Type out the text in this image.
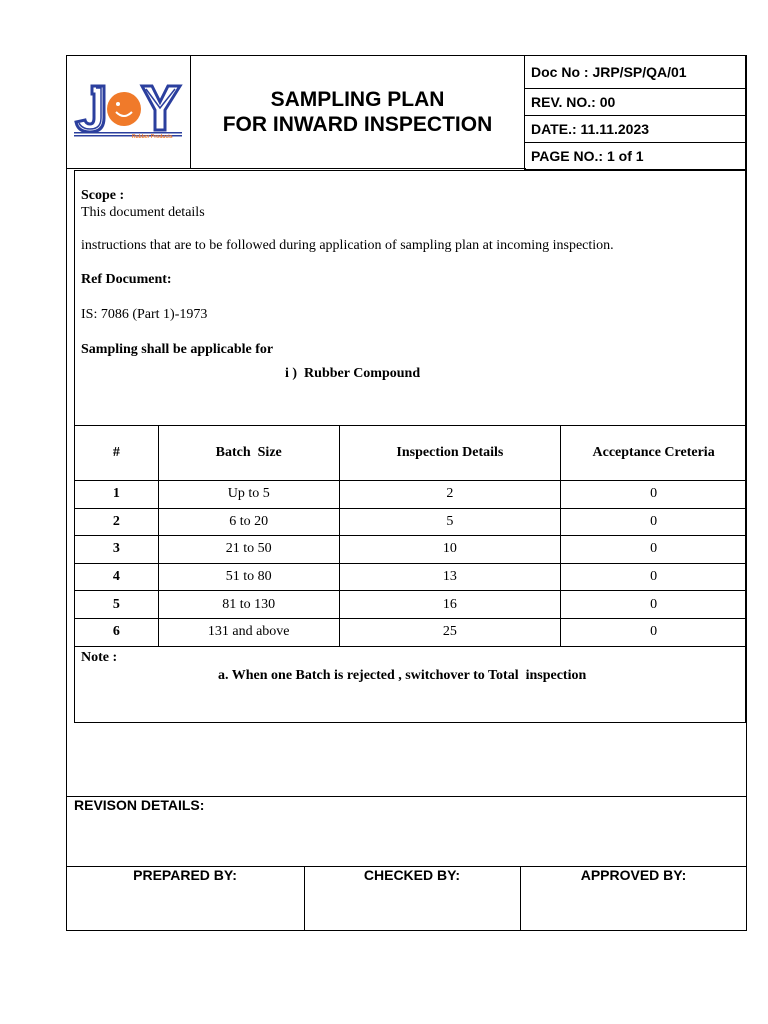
Rubber Products
SAMPLING PLAN
FOR INWARD INSPECTION
Doc No : JRP/SP/QA/01
REV. NO.: 00
DATE.: 11.11.2023
PAGE NO.: 1 of 1
Scope :
This document details
instructions that are to be followed during application of sampling plan at incoming inspection.
Ref Document:
IS: 7086 (Part 1)-1973
Sampling shall be applicable for
i )  Rubber Compound
#	Batch  Size	Inspection Details	Acceptance Creteria
1	Up to 5	2	0
2	6 to 20	5	0
3	21 to 50	10	0
4	51 to 80	13	0
5	81 to 130	16	0
6	131 and above	25	0
Note :
a. When one Batch is rejected , switchover to Total  inspection
REVISON DETAILS:
PREPARED BY:	CHECKED BY:	APPROVED BY:
